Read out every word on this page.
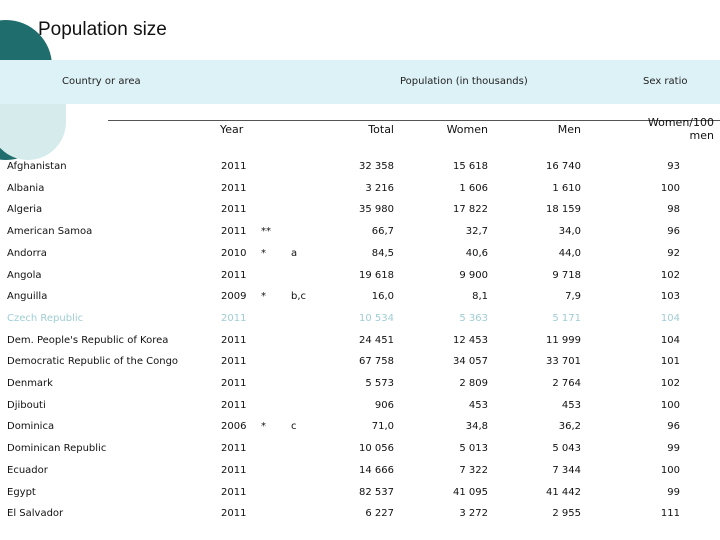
Population size
Country or area	Population (in thousands)	Sex ratio
Year	Total	Women	Men
Women/100
men
Afghanistan	2011	32 358	15 618	16 740	93
Albania	2011	3 216	1 606	1 610	100
Algeria	2011	35 980	17 822	18 159	98
American Samoa	2011 **	66,7	32,7	34,0	96
Andorra	2010 *	a	84,5	40,6	44,0	92
Angola	2011	19 618	9 900	9 718	102
Anguilla	2009 *	b,c	16,0	8,1	7,9	103
Czech Republic	2011	10 534	5 363	5 171	104
Dem. People's Republic of Korea	2011	24 451	12 453	11 999	104
Democratic Republic of the Congo	2011	67 758	34 057	33 701	101
Denmark	2011	5 573	2 809	2 764	102
Djibouti	2011	906	453	453	100
Dominica	2006 *	c	71,0	34,8	36,2	96
Dominican Republic	2011	10 056	5 013	5 043	99
Ecuador	2011	14 666	7 322	7 344	100
Egypt	2011	82 537	41 095	41 442	99
El Salvador	2011	6 227	3 272	2 955	111
